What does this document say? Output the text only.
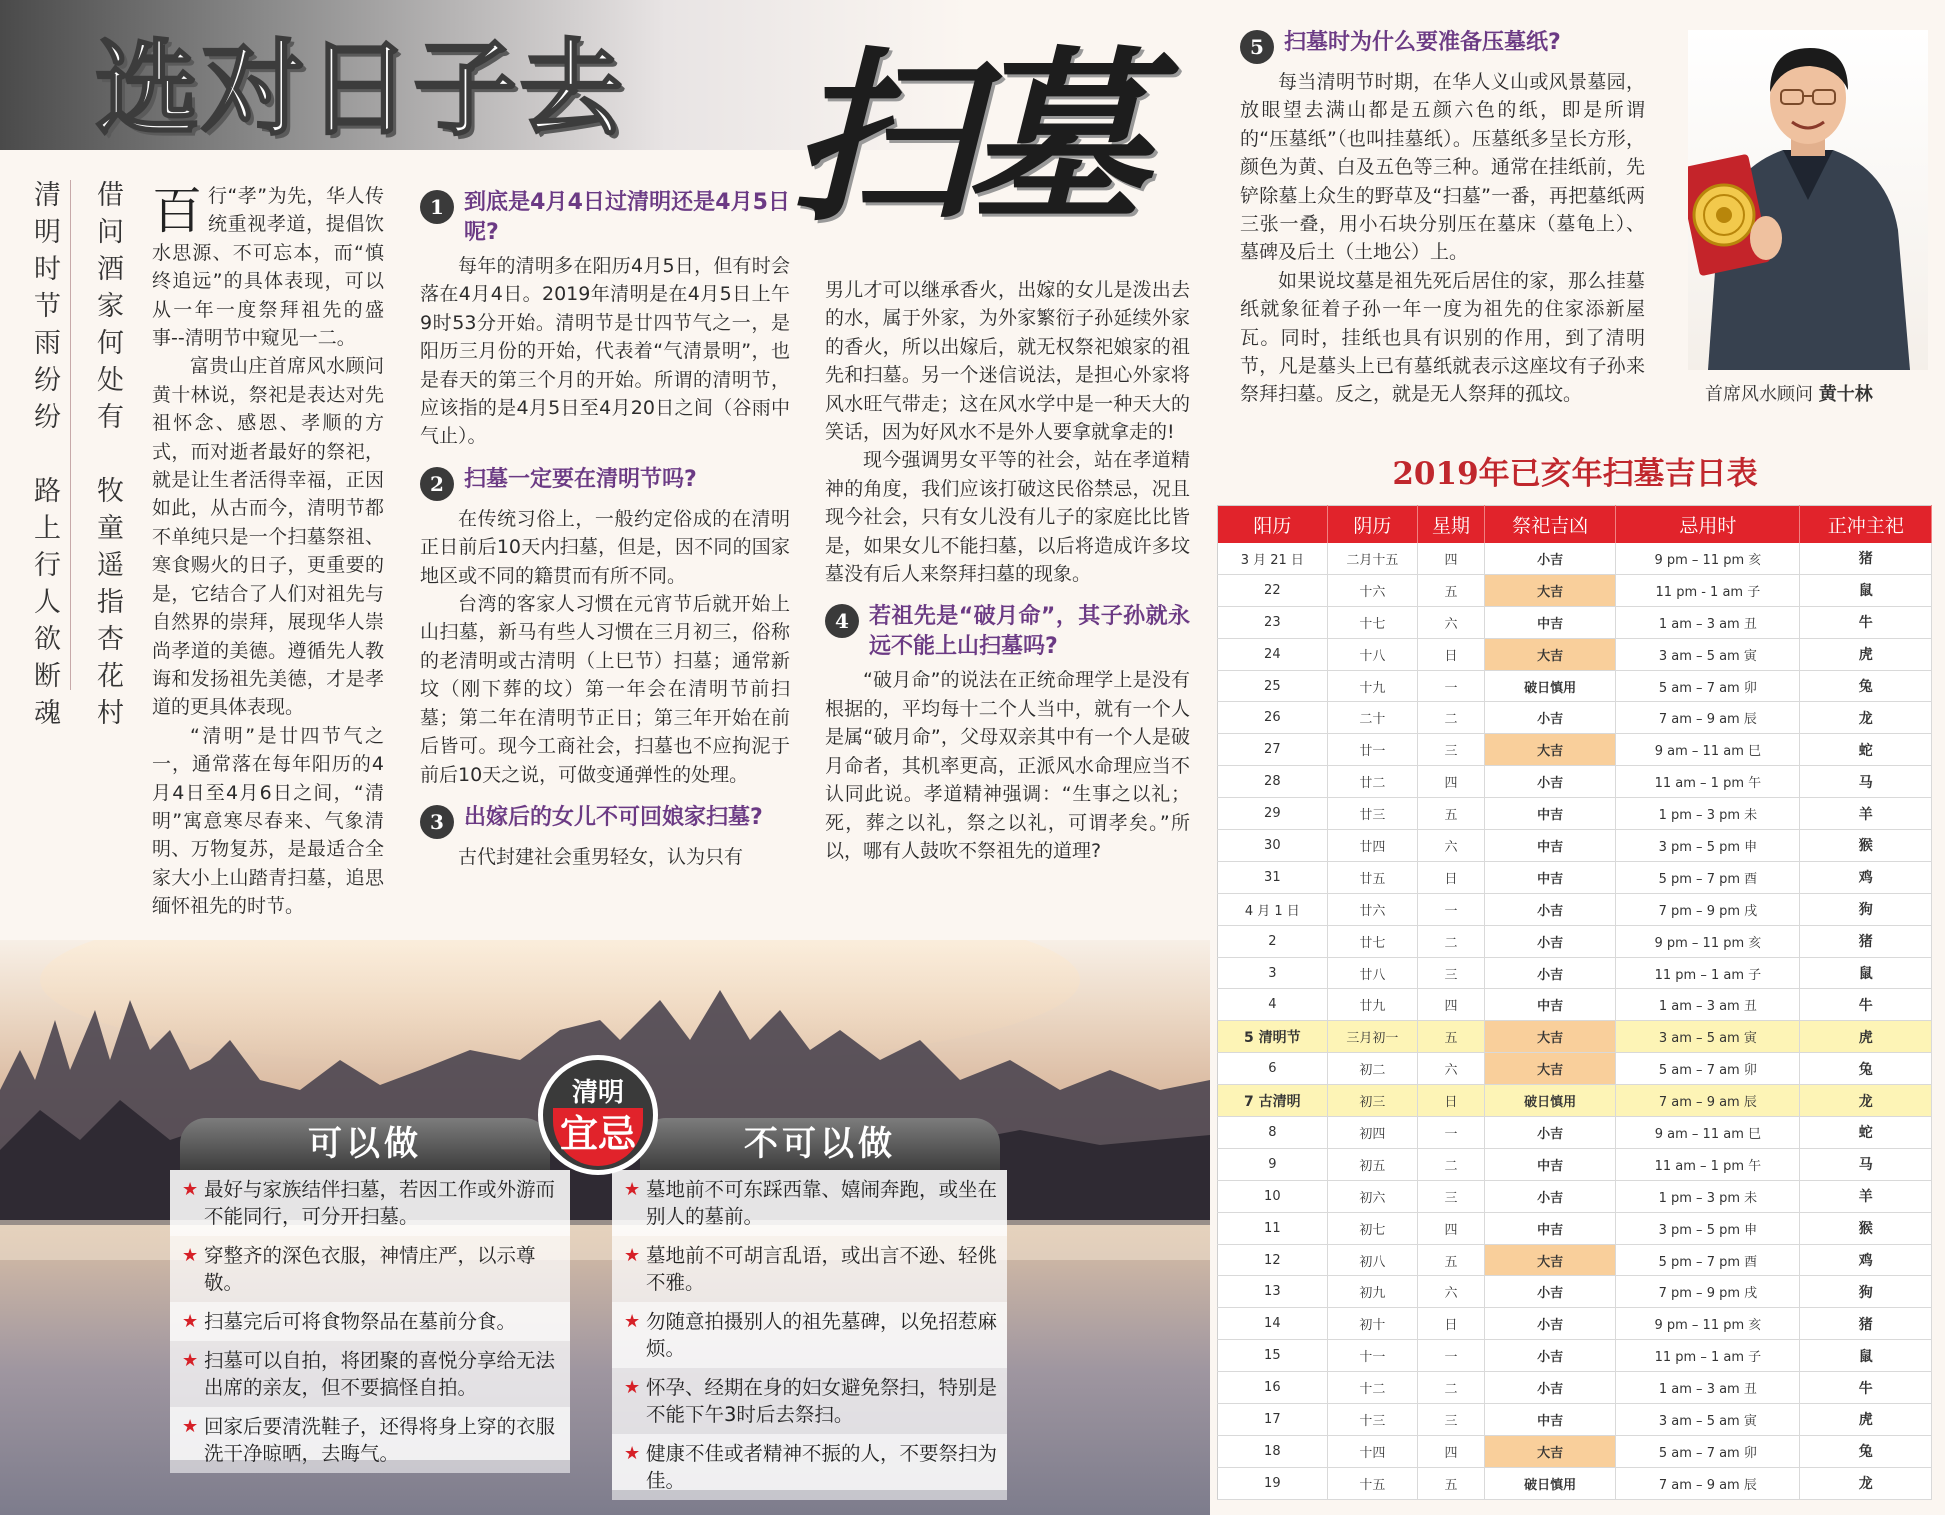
选对日子去 扫墓
借问酒家何处有　牧童遥指杏花村
清明时节雨纷纷　路上行人欲断魂 百 行“孝”为先，华人传统重视孝道，提倡饮水思源、不可忘本，而“慎终追远”的具体表现，可以从一年一度祭拜祖先的盛事--清明节中窥见一二。

富贵山庄首席风水顾问黄十林说，祭祀是表达对先祖怀念、感恩、孝顺的方式，而对逝者最好的祭祀，就是让生者活得幸福，正因如此，从古而今，清明节都不单纯只是一个扫墓祭祖、寒食赐火的日子，更重要的是，它结合了人们对祖先与自然界的崇拜，展现华人崇尚孝道的美德。遵循先人教诲和发扬祖先美德，才是孝道的更具体表现。

“清明”是廿四节气之一，通常落在每年阳历的4月4日至4月6日之间，“清明”寓意寒尽春来、气象清明、万物复苏，是最适合全家大小上山踏青扫墓，追思缅怀祖先的时节。

1 到底是4月4日过清明还是4月5日呢?

每年的清明多在阳历4月5日，但有时会落在4月4日。2019年清明是在4月5日上午9时53分开始。清明节是廿四节气之一，是阳历三月份的开始，代表着“气清景明”，也是春天的第三个月的开始。所谓的清明节，应该指的是4月5日至4月20日之间（谷雨中气止）。

2 扫墓一定要在清明节吗?

在传统习俗上，一般约定俗成的在清明正日前后10天内扫墓，但是，因不同的国家地区或不同的籍贯而有所不同。

台湾的客家人习惯在元宵节后就开始上山扫墓，新马有些人习惯在三月初三，俗称的老清明或古清明（上巳节）扫墓；通常新坟（刚下葬的坟）第一年会在清明节前扫墓；第二年在清明节正日；第三年开始在前后皆可。现今工商社会，扫墓也不应拘泥于前后10天之说，可做变通弹性的处理。

3 出嫁后的女儿不可回娘家扫墓?

古代封建社会重男轻女，认为只有

男儿才可以继承香火，出嫁的女儿是泼出去的水，属于外家，为外家繁衍子孙延续外家的香火，所以出嫁后，就无权祭祀娘家的祖先和扫墓。另一个迷信说法，是担心外家将风水旺气带走；这在风水学中是一种天大的笑话，因为好风水不是外人要拿就拿走的!

现今强调男女平等的社会，站在孝道精神的角度，我们应该打破这民俗禁忌，况且现今社会，只有女儿没有儿子的家庭比比皆是，如果女儿不能扫墓，以后将造成许多坟墓没有后人来祭拜扫墓的现象。

4 若祖先是“破月命”，其子孙就永远不能上山扫墓吗?

“破月命”的说法在正统命理学上是没有根据的，平均每十二个人当中，就有一个人是属“破月命”，父母双亲其中有一个人是破月命者，其机率更高，正派风水命理应当不认同此说。孝道精神强调：“生事之以礼；死，葬之以礼，祭之以礼，可谓孝矣。”所以，哪有人鼓吹不祭祖先的道理?

5 扫墓时为什么要准备压墓纸?

每当清明节时期，在华人义山或风景墓园，放眼望去满山都是五颜六色的纸，即是所谓的“压墓纸”（也叫挂墓纸）。压墓纸多呈长方形，颜色为黄、白及五色等三种。通常在挂纸前，先铲除墓上众生的野草及“扫墓”一番，再把墓纸两三张一叠，用小石块分别压在墓床（墓龟上）、墓碑及后土（土地公）上。

如果说坟墓是祖先死后居住的家，那么挂墓纸就象征着子孙一年一度为祖先的住家添新屋瓦。同时，挂纸也具有识别的作用，到了清明节，凡是墓头上已有墓纸就表示这座坟有子孙来祭拜扫墓。反之，就是无人祭拜的孤坟。	首席风水顾问 黄十林
2019年已亥年扫墓吉日表
阳历	阴历	星期	祭祀吉凶	忌用时	正冲主祀
3 月 21 日	二月十五	四	小吉	9 pm – 11 pm 亥	猪
22	十六	五	大吉	11 pm - 1 am 子	鼠
23	十七	六	中吉	1 am – 3 am 丑	牛
24	十八	日	大吉	3 am – 5 am 寅	虎
25	十九	一	破日慎用	5 am – 7 am 卯	兔
26	二十	二	小吉	7 am – 9 am 辰	龙
27	廿一	三	大吉	9 am – 11 am 巳	蛇
28	廿二	四	小吉	11 am – 1 pm 午	马
29	廿三	五	中吉	1 pm – 3 pm 未	羊
30	廿四	六	中吉	3 pm – 5 pm 申	猴
31	廿五	日	中吉	5 pm – 7 pm 酉	鸡
4 月 1 日	廿六	一	小吉	7 pm – 9 pm 戌	狗
2	廿七	二	小吉	9 pm – 11 pm 亥	猪
3	廿八	三	小吉	11 pm – 1 am 子	鼠
4	廿九	四	中吉	1 am – 3 am 丑	牛
5 清明节	三月初一	五	大吉	3 am – 5 am 寅	虎
6	初二	六	大吉	5 am – 7 am 卯	兔
7 古清明	初三	日	破日慎用	7 am – 9 am 辰	龙
8	初四	一	小吉	9 am – 11 am 巳	蛇
9	初五	二	中吉	11 am – 1 pm 午	马
10	初六	三	小吉	1 pm – 3 pm 未	羊
11	初七	四	中吉	3 pm – 5 pm 申	猴
12	初八	五	大吉	5 pm – 7 pm 酉	鸡
13	初九	六	小吉	7 pm – 9 pm 戌	狗
14	初十	日	小吉	9 pm – 11 pm 亥	猪
15	十一	一	小吉	11 pm – 1 am 子	鼠
16	十二	二	小吉	1 am – 3 am 丑	牛
17	十三	三	中吉	3 am – 5 am 寅	虎
18	十四	四	大吉	5 am – 7 am 卯	兔
19	十五	五	破日慎用	7 am – 9 am 辰	龙
可以做
★ 最好与家族结伴扫墓，若因工作或外游而不能同行，可分开扫墓。
★ 穿整齐的深色衣服，神情庄严，以示尊敬。
★ 扫墓完后可将食物祭品在墓前分食。
★ 扫墓可以自拍，将团聚的喜悦分享给无法出席的亲友，但不要搞怪自拍。
★ 回家后要清洗鞋子，还得将身上穿的衣服洗干净晾晒，去晦气。
不可以做
★ 墓地前不可东踩西靠、嬉闹奔跑，或坐在别人的墓前。
★ 墓地前不可胡言乱语，或出言不逊、轻佻不雅。
★ 勿随意拍摄别人的祖先墓碑，以免招惹麻烦。
★ 怀孕、经期在身的妇女避免祭扫，特别是不能下午3时后去祭扫。
★ 健康不佳或者精神不振的人，不要祭扫为佳。
清明
宜忌
